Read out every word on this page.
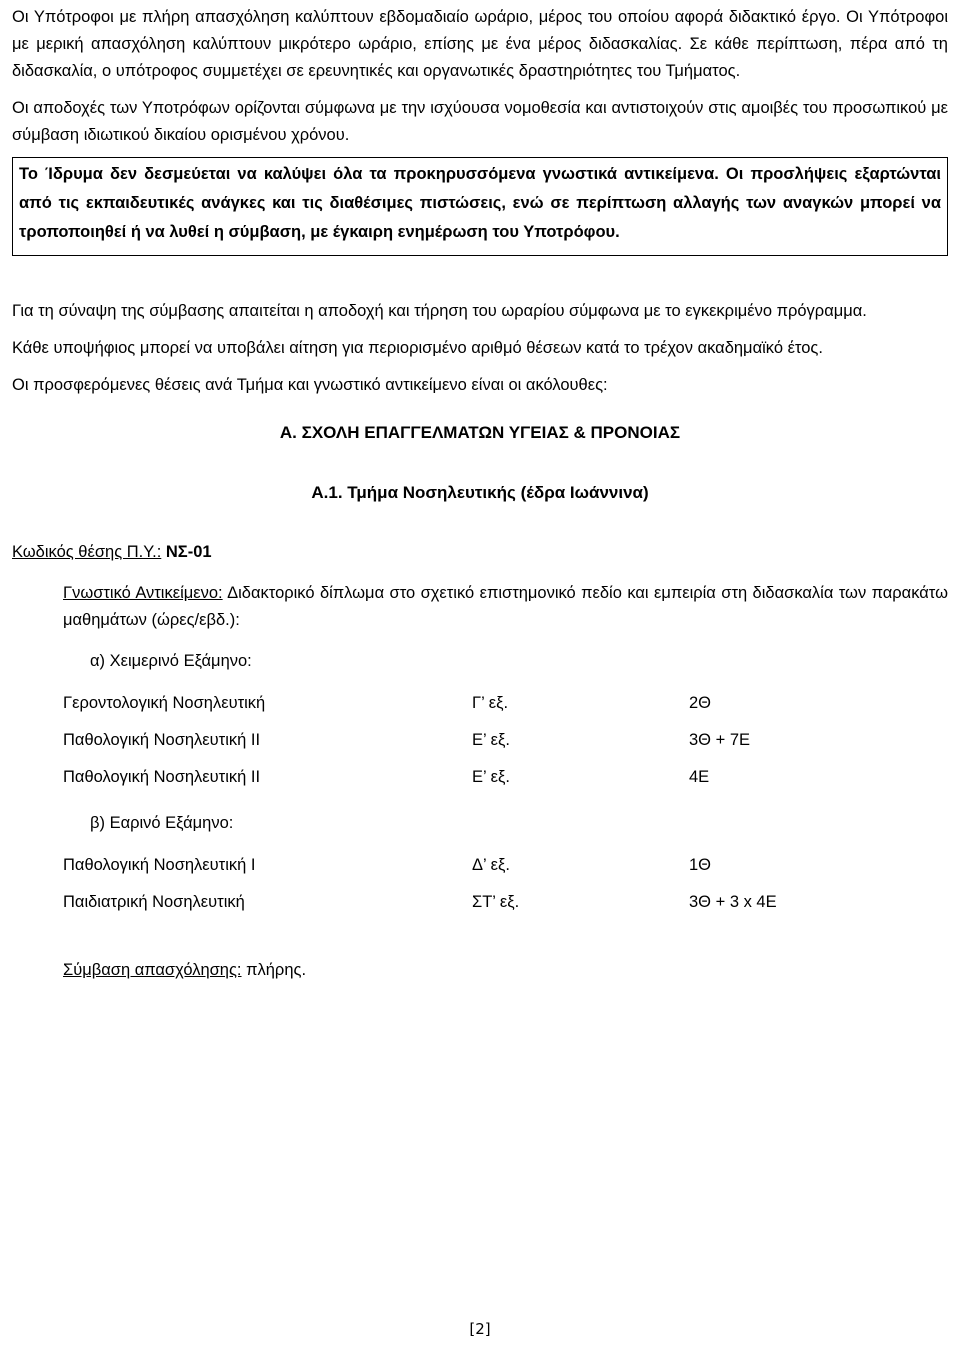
Οι Υπότροφοι με πλήρη απασχόληση καλύπτουν εβδομαδιαίο ωράριο, μέρος του οποίου αφορά διδακτικό έργο. Οι Υπότροφοι με μερική απασχόληση καλύπτουν μικρότερο ωράριο, επίσης με ένα μέρος διδασκαλίας. Σε κάθε περίπτωση, πέρα από τη διδασκαλία, ο υπότροφος συμμετέχει σε ερευνητικές και οργανωτικές δραστηριότητες του Τμήματος.

Οι αποδοχές των Υποτρόφων ορίζονται σύμφωνα με την ισχύουσα νομοθεσία και αντιστοιχούν στις αμοιβές του προσωπικού με σύμβαση ιδιωτικού δικαίου ορισμένου χρόνου.

Το Ίδρυμα δεν δεσμεύεται να καλύψει όλα τα προκηρυσσόμενα γνωστικά αντικείμενα. Οι προσλήψεις εξαρτώνται από τις εκπαιδευτικές ανάγκες και τις διαθέσιμες πιστώσεις, ενώ σε περίπτωση αλλαγής των αναγκών μπορεί να τροποποιηθεί ή να λυθεί η σύμβαση, με έγκαιρη ενημέρωση του Υποτρόφου.

Για τη σύναψη της σύμβασης απαιτείται η αποδοχή και τήρηση του ωραρίου σύμφωνα με το εγκεκριμένο πρόγραμμα.

Κάθε υποψήφιος μπορεί να υποβάλει αίτηση για περιορισμένο αριθμό θέσεων κατά το τρέχον ακαδημαϊκό έτος.

Οι προσφερόμενες θέσεις ανά Τμήμα και γνωστικό αντικείμενο είναι οι ακόλουθες:

Α. ΣΧΟΛΗ ΕΠΑΓΓΕΛΜΑΤΩΝ ΥΓΕΙΑΣ & ΠΡΟΝΟΙΑΣ

Α.1. Τμήμα Νοσηλευτικής (έδρα Ιωάννινα)

Κωδικός θέσης Π.Υ.: ΝΣ-01

Γνωστικό Αντικείμενο: Διδακτορικό δίπλωμα στο σχετικό επιστημονικό πεδίο και εμπειρία στη διδασκαλία των παρακάτω μαθημάτων (ώρες/εβδ.):

α) Χειμερινό Εξάμηνο:

Γεροντολογική Νοσηλευτική	Γ’ εξ.	2Θ
Παθολογική Νοσηλευτική ΙΙ	Ε’ εξ.	3Θ + 7Ε
Παθολογική Νοσηλευτική ΙΙ	Ε’ εξ.	4Ε

β) Εαρινό Εξάμηνο:

Παθολογική Νοσηλευτική Ι	Δ’ εξ.	1Θ
Παιδιατρική Νοσηλευτική	ΣΤ’ εξ.	3Θ + 3 x 4Ε

Σύμβαση απασχόλησης: πλήρης.

[2]
